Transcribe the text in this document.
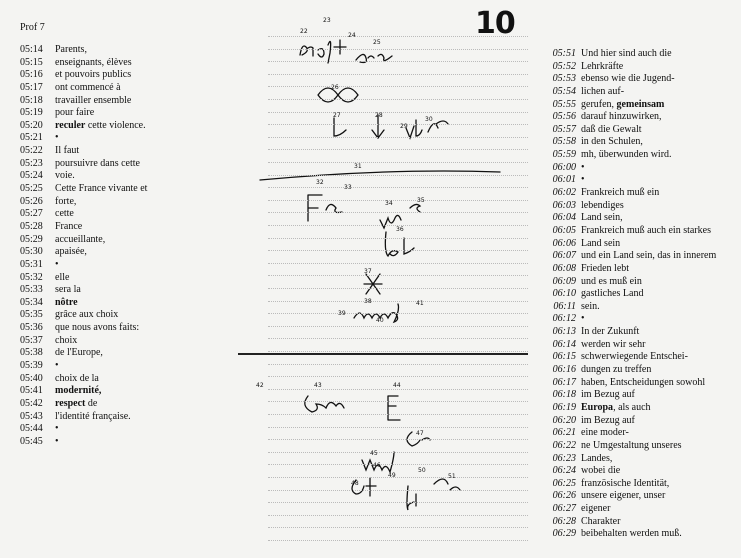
Prof 7	10
05:14 Parents,
05:15 enseignants, élèves
05:16 et pouvoirs publics
05:17 ont commencé à
05:18 travailler ensemble
05:19 pour faire
05:20 reculer cette violence.
05:21 •
05:22 Il faut
05:23 poursuivre dans cette
05:24 voie.
05:25 Cette France vivante et
05:26 forte,
05:27 cette
05:28 France
05:29 accueillante,
05:30 apaisée,
05:31 •
05:32 elle
05:33 sera la
05:34 nôtre
05:35 grâce aux choix
05:36 que nous avons faits:
05:37 choix
05:38 de l'Europe,
05:39 •
05:40 choix de la
05:41 modernité,
05:42 respect de
05:43 l'identité française.
05:44 •
05:45 •
05:51 Und hier sind auch die
05:52 Lehrkräfte
05:53 ebenso wie die Jugend-
05:54 lichen auf-
05:55 gerufen, gemeinsam
05:56 darauf hinzuwirken,
05:57 daß die Gewalt
05:58 in den Schulen,
05:59 mh, überwunden wird.
06:00 •
06:01 •
06:02 Frankreich muß ein
06:03 lebendiges
06:04 Land sein,
06:05 Frankreich muß auch ein starkes
06:06 Land sein
06:07 und ein Land sein, das in innerem
06:08 Frieden lebt
06:09 und es muß ein
06:10 gastliches Land
06:11 sein.
06:12 •
06:13 In der Zukunft
06:14 werden wir sehr
06:15 schwerwiegende Entschei-
06:16 dungen zu treffen
06:17 haben, Entscheidungen sowohl
06:18 im Bezug auf
06:19 Europa, als auch
06:20 im Bezug auf
06:21 eine moder-
06:22 ne Umgestaltung unseres
06:23 Landes,
06:24 wobei die
06:25 französische Identität,
06:26 unsere eigener, unser
06:27 eigener
06:28 Charakter
06:29 beibehalten werden muß.
22
23
24
25
26
27	28
29
30
31
32
33
34	35
36
37
38
39
40
41
42	43	44
45
46
47
48
49
50
51
